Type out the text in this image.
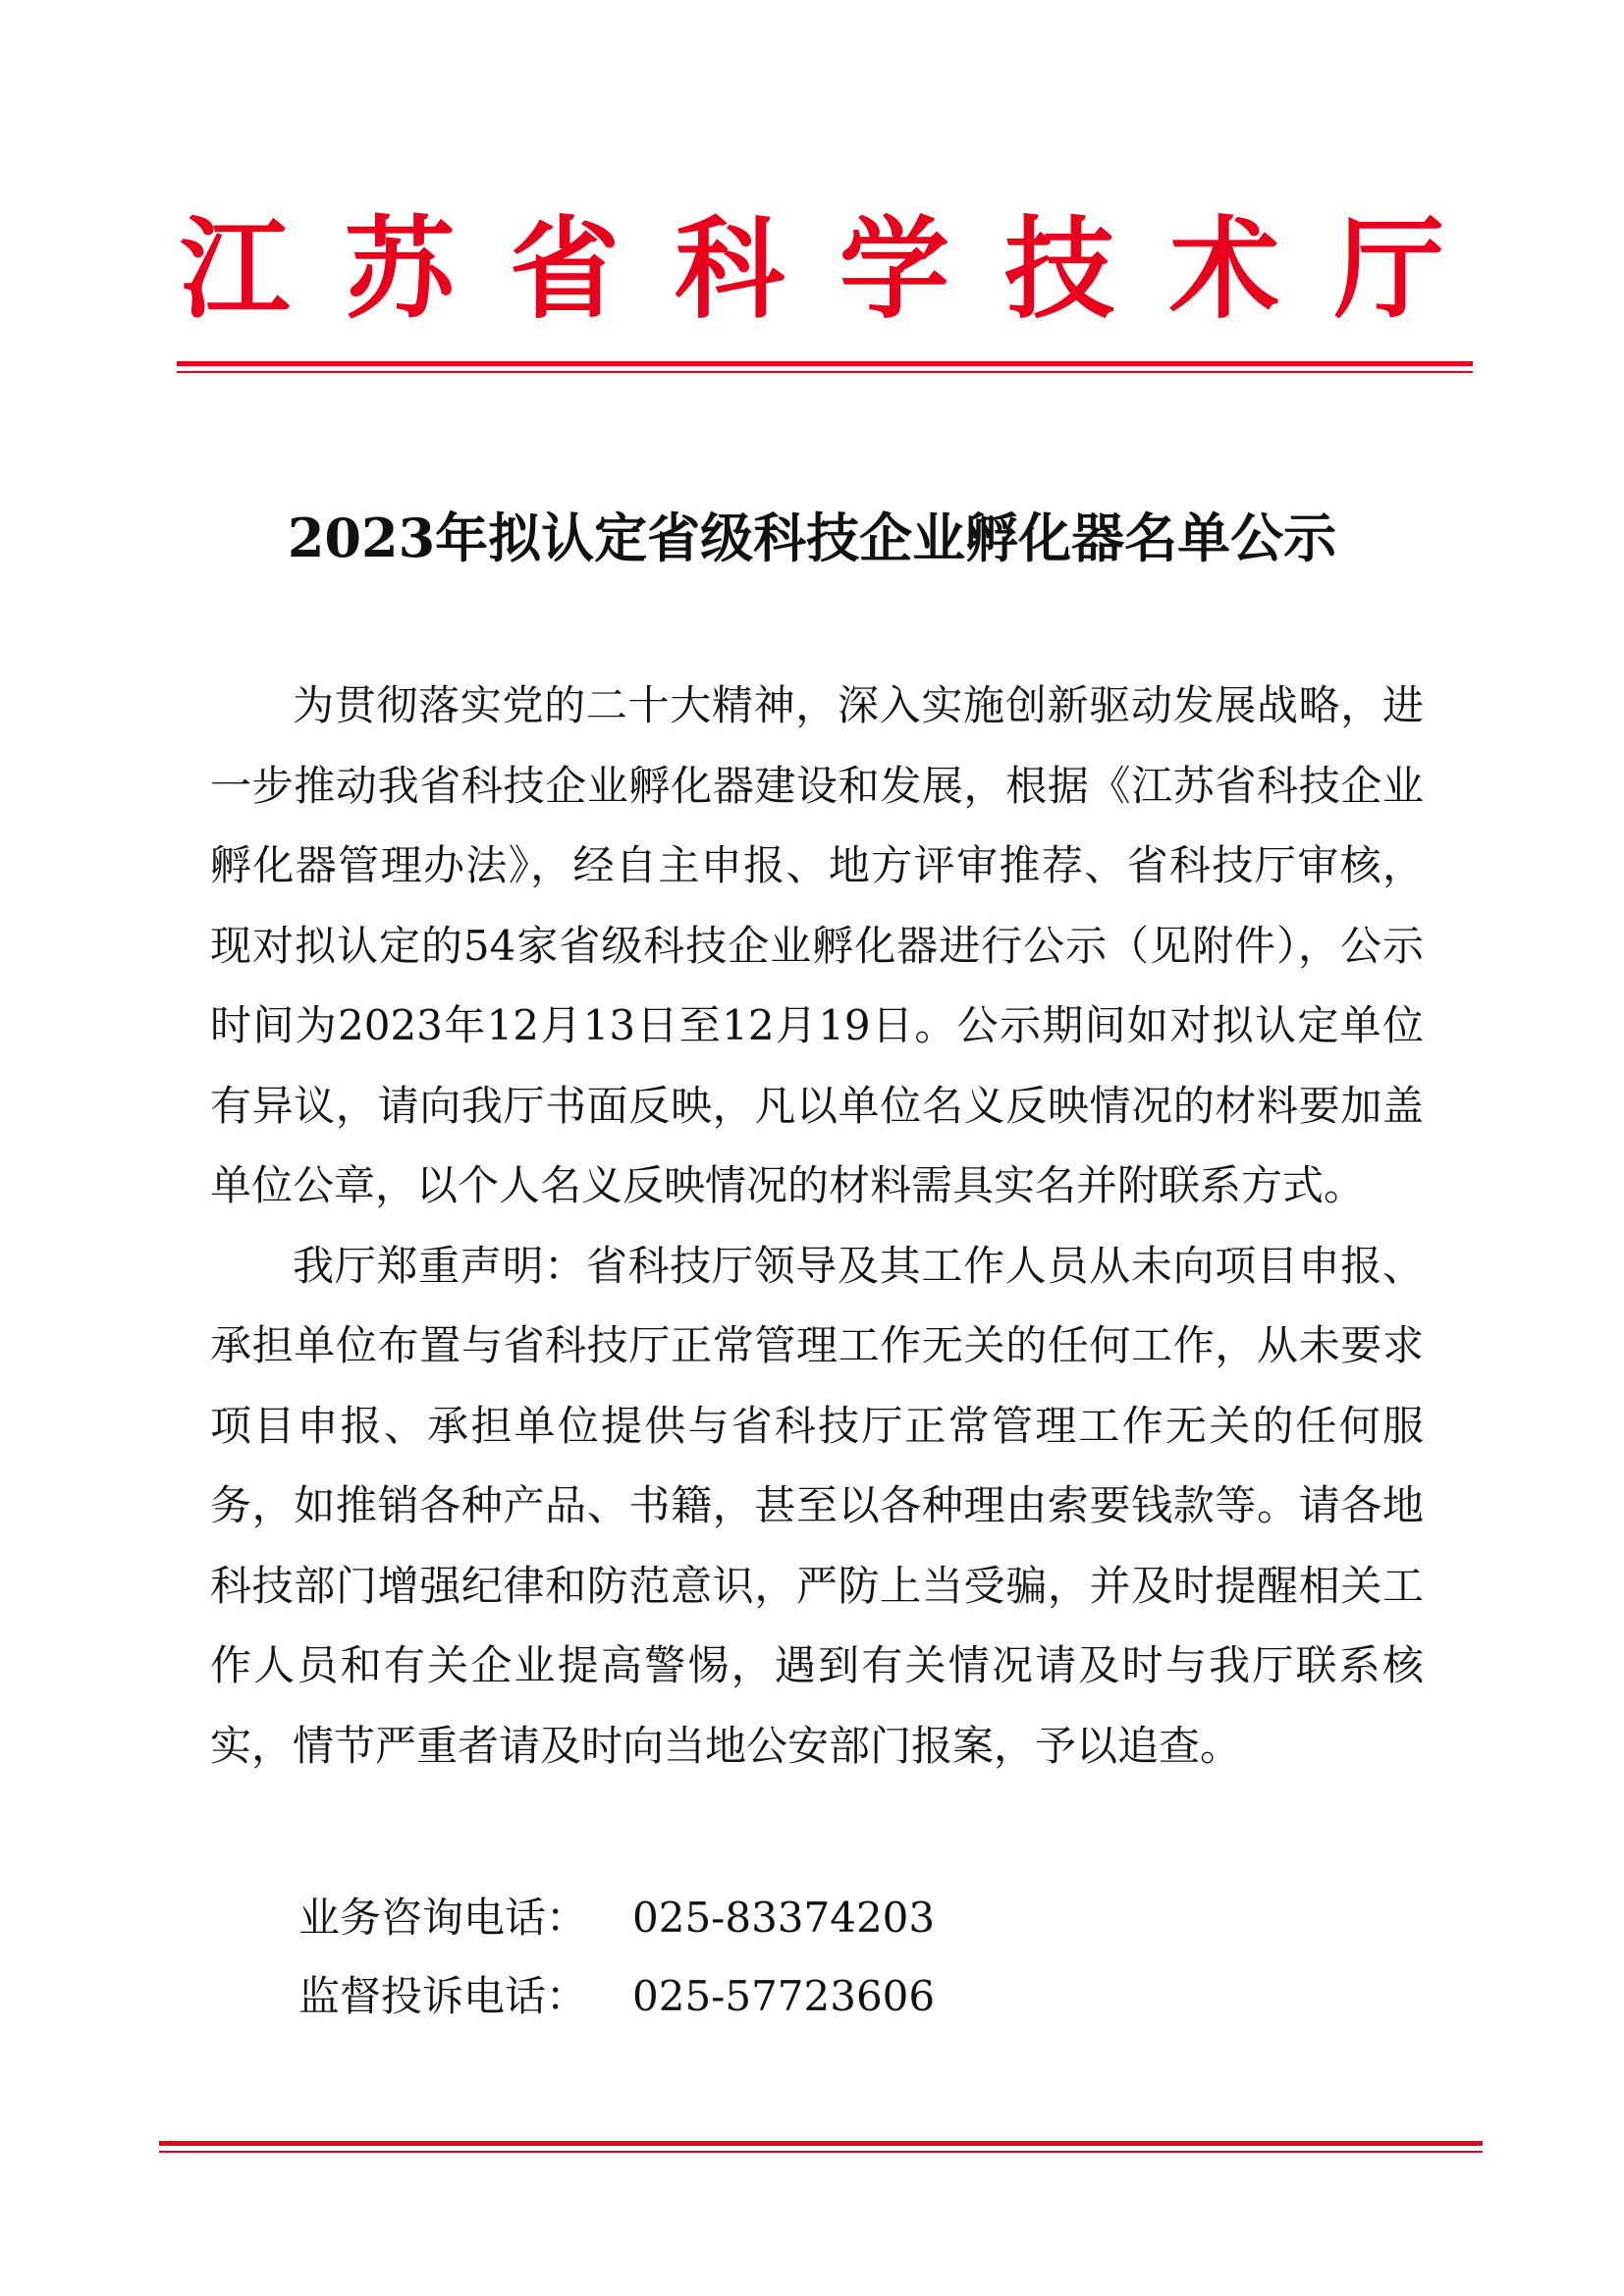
江苏省科学技术厅
2023年拟认定省级科技企业孵化器名单公示

为贯彻落实党的二十大精神，深入实施创新驱动发展战略，进一步推动我省科技企业孵化器建设和发展，根据《江苏省科技企业孵化器管理办法》，经自主申报、地方评审推荐、省科技厅审核，现对拟认定的54家省级科技企业孵化器进行公示（见附件），公示时间为2023年12月13日至12月19日。公示期间如对拟认定单位有异议，请向我厅书面反映，凡以单位名义反映情况的材料要加盖单位公章，以个人名义反映情况的材料需具实名并附联系方式。

我厅郑重声明：省科技厅领导及其工作人员从未向项目申报、承担单位布置与省科技厅正常管理工作无关的任何工作，从未要求项目申报、承担单位提供与省科技厅正常管理工作无关的任何服务，如推销各种产品、书籍，甚至以各种理由索要钱款等。请各地科技部门增强纪律和防范意识，严防上当受骗，并及时提醒相关工作人员和有关企业提高警惕，遇到有关情况请及时与我厅联系核实，情节严重者请及时向当地公安部门报案，予以追查。

业务咨询电话： 025-83374203
监督投诉电话： 025-57723606
